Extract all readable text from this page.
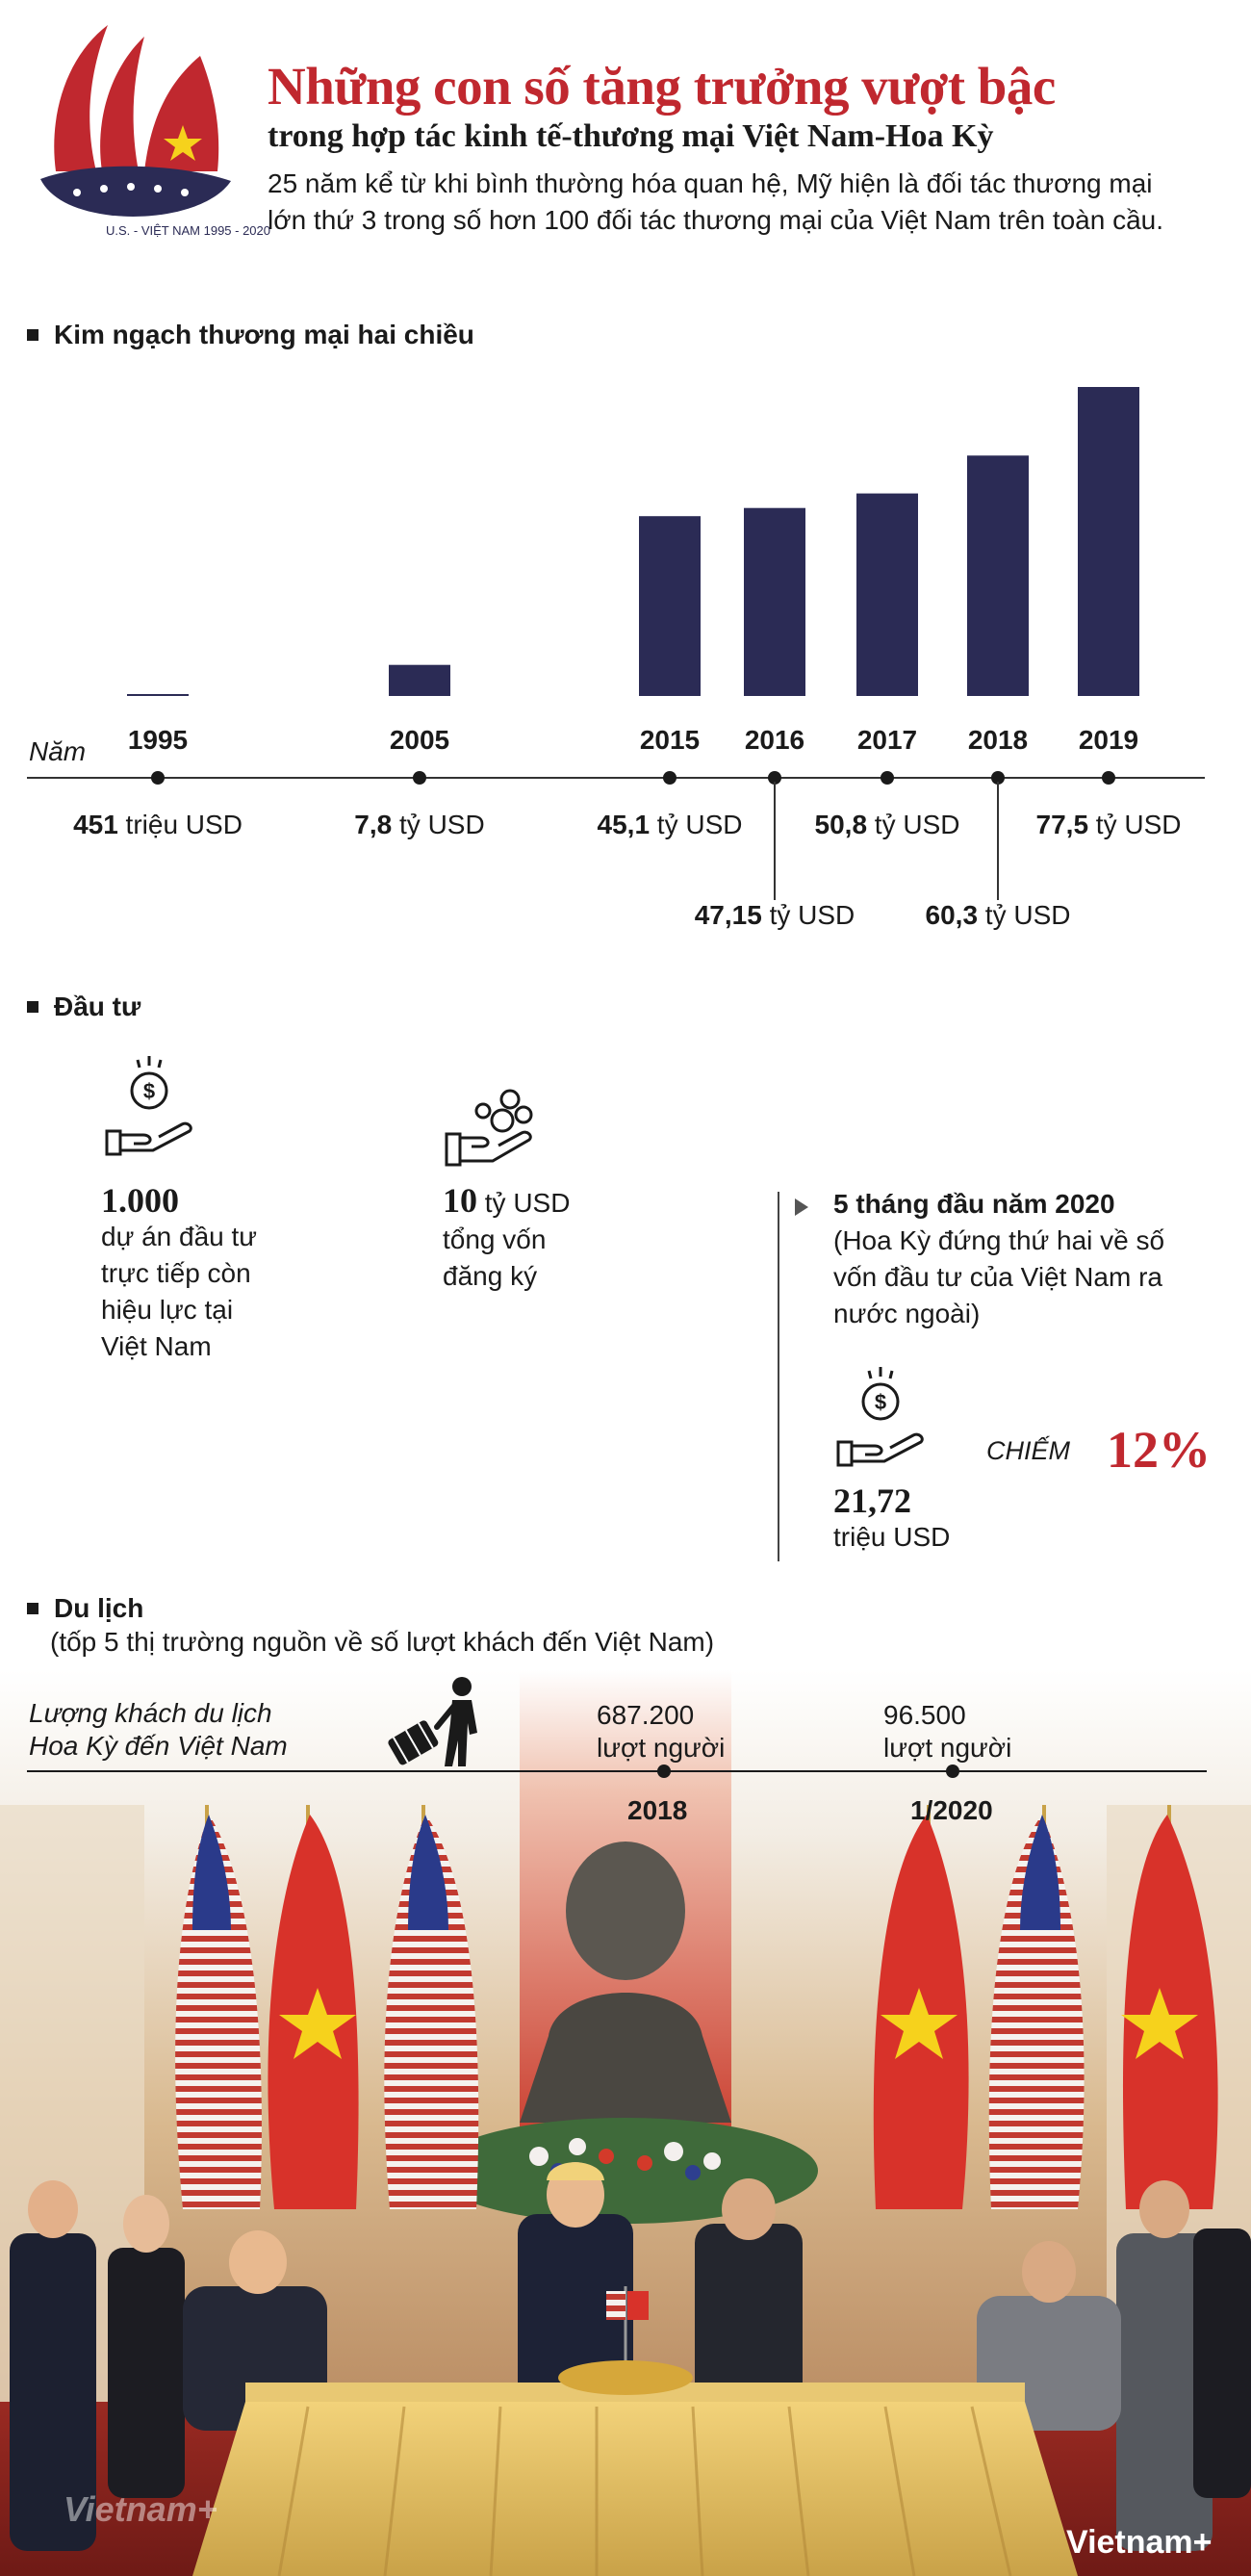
U.S. - VIỆT NAM 1995 - 2020
Những con số tăng trưởng vượt bậc
trong hợp tác kinh tế-thương mại Việt Nam-Hoa Kỳ
25 năm kể từ khi bình thường hóa quan hệ, Mỹ hiện là đối tác thương mại
lớn thứ 3 trong số hơn 100 đối tác thương mại của Việt Nam trên toàn cầu.
Kim ngạch thương mại hai chiều
Năm 1995
451 triệu USD
2005
7,8 tỷ USD
2015
45,1 tỷ USD
2016
47,15 tỷ USD
2017
50,8 tỷ USD
2018
60,3 tỷ USD
2019
77,5 tỷ USD
Đầu tư
$
1.000
dự án đầu tư
trực tiếp còn
hiệu lực tại
Việt Nam
10 tỷ USD
tổng vốn
đăng ký
5 tháng đầu năm 2020
(Hoa Kỳ đứng thứ hai về số
vốn đầu tư của Việt Nam ra
nước ngoài)
$
21,72
triệu USD
CHIẾM 12%
Du lịch
(tốp 5 thị trường nguồn về số lượt khách đến Việt Nam)
Lượng khách du lịch
Hoa Kỳ đến Việt Nam
687.200
lượt người
2018
96.500
lượt người
1/2020
Vietnam+
Vietnam+
